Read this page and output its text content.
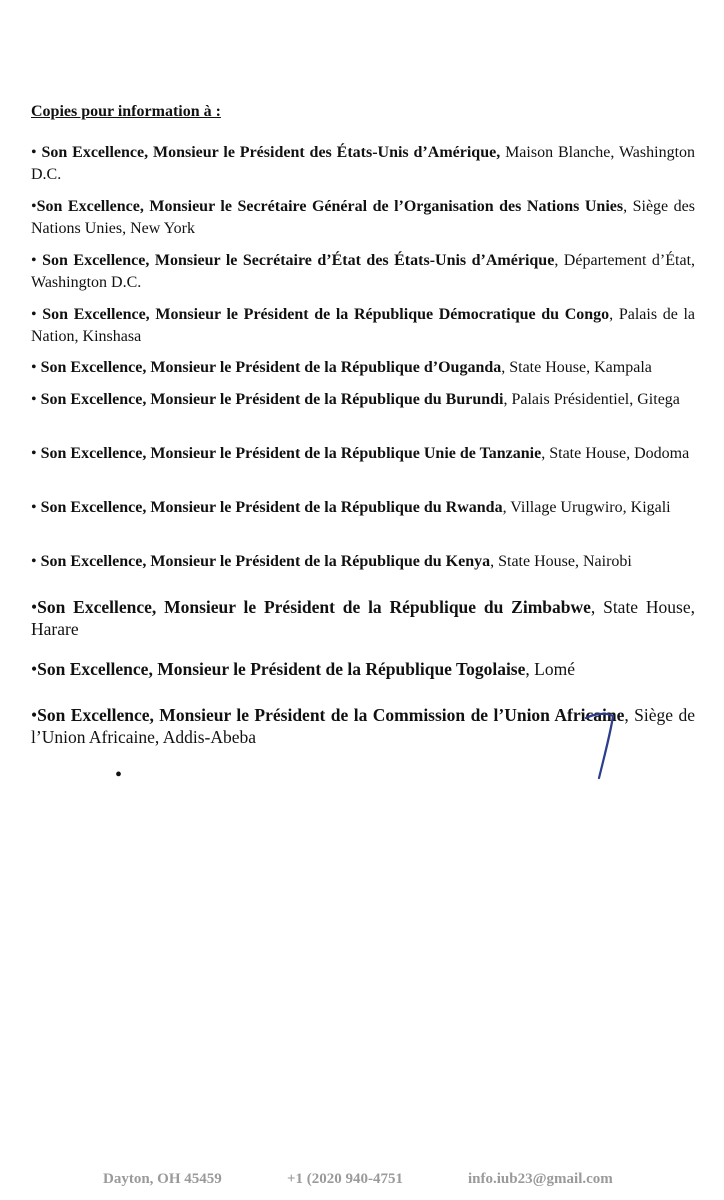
Copies pour information à :

• Son Excellence, Monsieur le Président des États-Unis d’Amérique, Maison Blanche, Washington D.C.

•Son Excellence, Monsieur le Secrétaire Général de l’Organisation des Nations Unies, Siège des Nations Unies, New York

• Son Excellence, Monsieur le Secrétaire d’État des États-Unis d’Amérique, Département d’État, Washington D.C.

• Son Excellence, Monsieur le Président de la République Démocratique du Congo, Palais de la Nation, Kinshasa

• Son Excellence, Monsieur le Président de la République d’Ouganda, State House, Kampala

• Son Excellence, Monsieur le Président de la République du Burundi, Palais Présidentiel, Gitega

• Son Excellence, Monsieur le Président de la République Unie de Tanzanie, State House, Dodoma

• Son Excellence, Monsieur le Président de la République du Rwanda, Village Urugwiro, Kigali

• Son Excellence, Monsieur le Président de la République du Kenya, State House, Nairobi

•Son Excellence, Monsieur le Président de la République du Zimbabwe, State House, Harare

•Son Excellence, Monsieur le Président de la République Togolaise, Lomé

•Son Excellence, Monsieur le Président de la Commission de l’Union Africaine, Siège de l’Union Africaine, Addis-Abeba

•
Dayton, OH 45459	+1 (2020 940-4751	info.iub23@gmail.com
